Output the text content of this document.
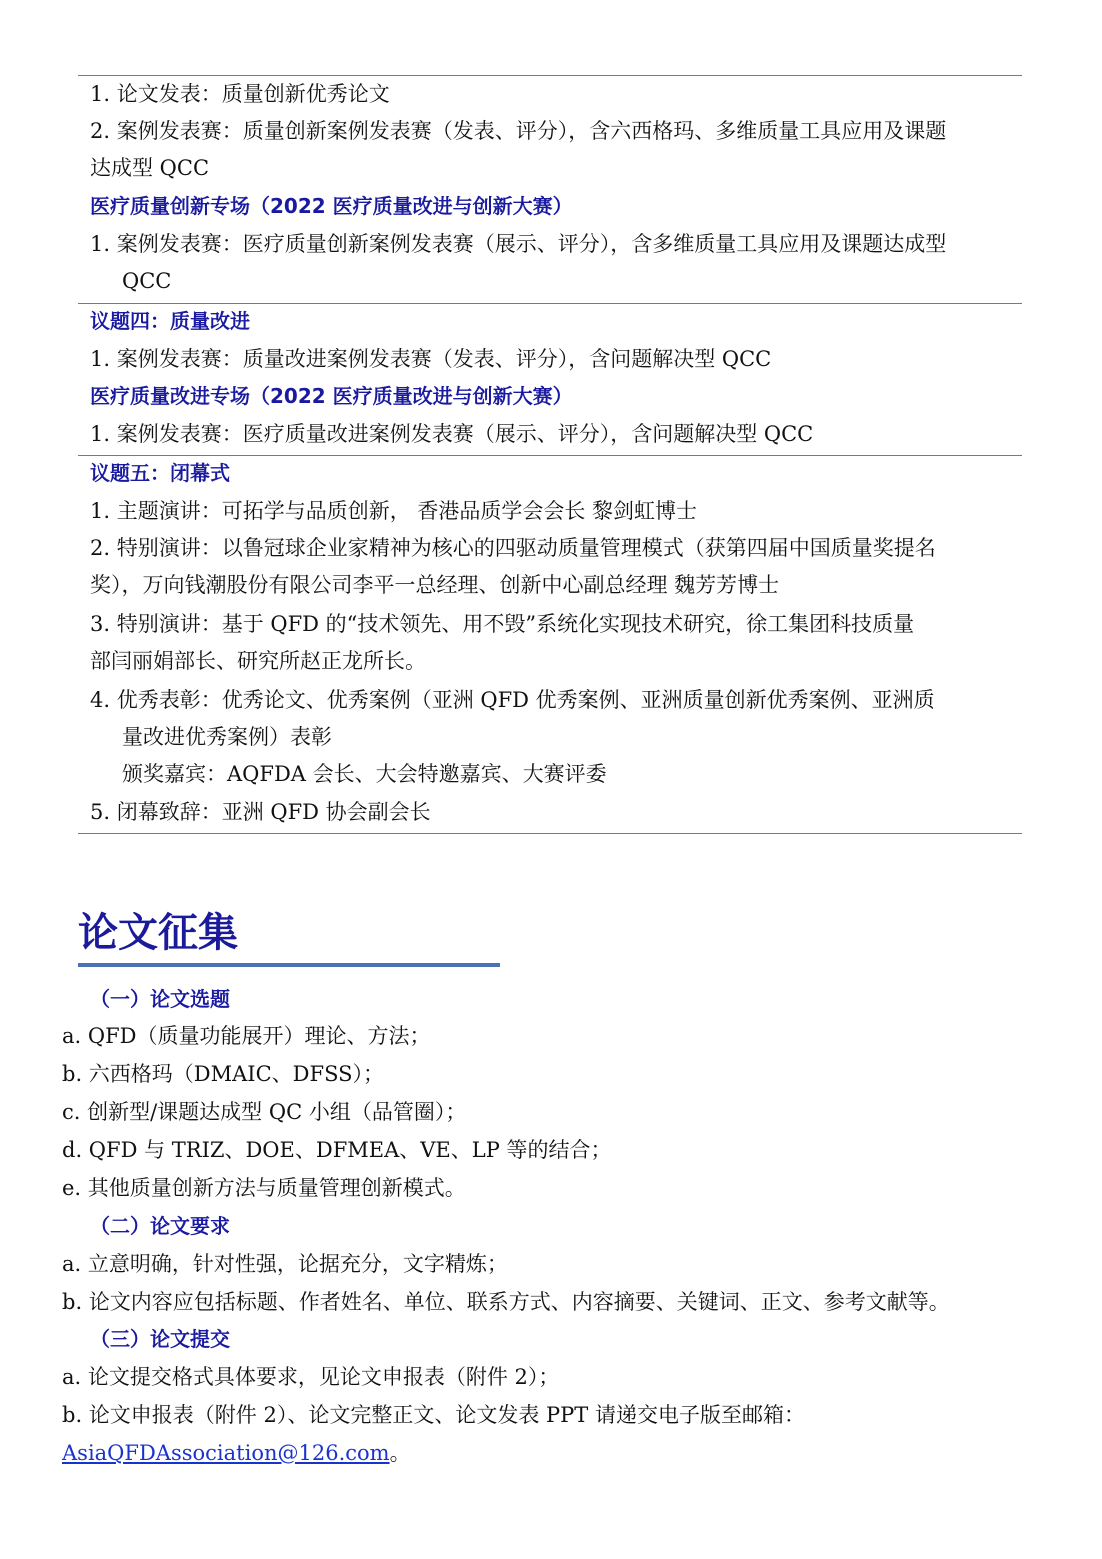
1. 论文发表：质量创新优秀论文
2. 案例发表赛：质量创新案例发表赛（发表、评分），含六西格玛、多维质量工具应用及课题
达成型 QCC
医疗质量创新专场（2022 医疗质量改进与创新大赛）
1. 案例发表赛：医疗质量创新案例发表赛（展示、评分），含多维质量工具应用及课题达成型
QCC
议题四：质量改进
1. 案例发表赛：质量改进案例发表赛（发表、评分），含问题解决型 QCC
医疗质量改进专场（2022 医疗质量改进与创新大赛）
1. 案例发表赛：医疗质量改进案例发表赛（展示、评分），含问题解决型 QCC
议题五：闭幕式
1. 主题演讲：可拓学与品质创新， 香港品质学会会长 黎剑虹博士
2. 特别演讲：以鲁冠球企业家精神为核心的四驱动质量管理模式（获第四届中国质量奖提名
奖），万向钱潮股份有限公司李平一总经理、创新中心副总经理 魏芳芳博士
3. 特别演讲：基于 QFD 的“技术领先、用不毁”系统化实现技术研究，徐工集团科技质量
部闫丽娟部长、研究所赵正龙所长。
4. 优秀表彰：优秀论文、优秀案例（亚洲 QFD 优秀案例、亚洲质量创新优秀案例、亚洲质
量改进优秀案例）表彰
颁奖嘉宾：AQFDA 会长、大会特邀嘉宾、大赛评委
5. 闭幕致辞：亚洲 QFD 协会副会长
论文征集
（一）论文选题
a. QFD（质量功能展开）理论、方法；
b. 六西格玛（DMAIC、DFSS）；
c. 创新型/课题达成型 QC 小组（品管圈）；
d. QFD 与 TRIZ、DOE、DFMEA、VE、LP 等的结合；
e. 其他质量创新方法与质量管理创新模式。
（二）论文要求
a. 立意明确，针对性强，论据充分，文字精炼；
b. 论文内容应包括标题、作者姓名、单位、联系方式、内容摘要、关键词、正文、参考文献等。
（三）论文提交
a. 论文提交格式具体要求，见论文申报表（附件 2）；
b. 论文申报表（附件 2）、论文完整正文、论文发表 PPT 请递交电子版至邮箱：
AsiaQFDAssociation@126.com。
